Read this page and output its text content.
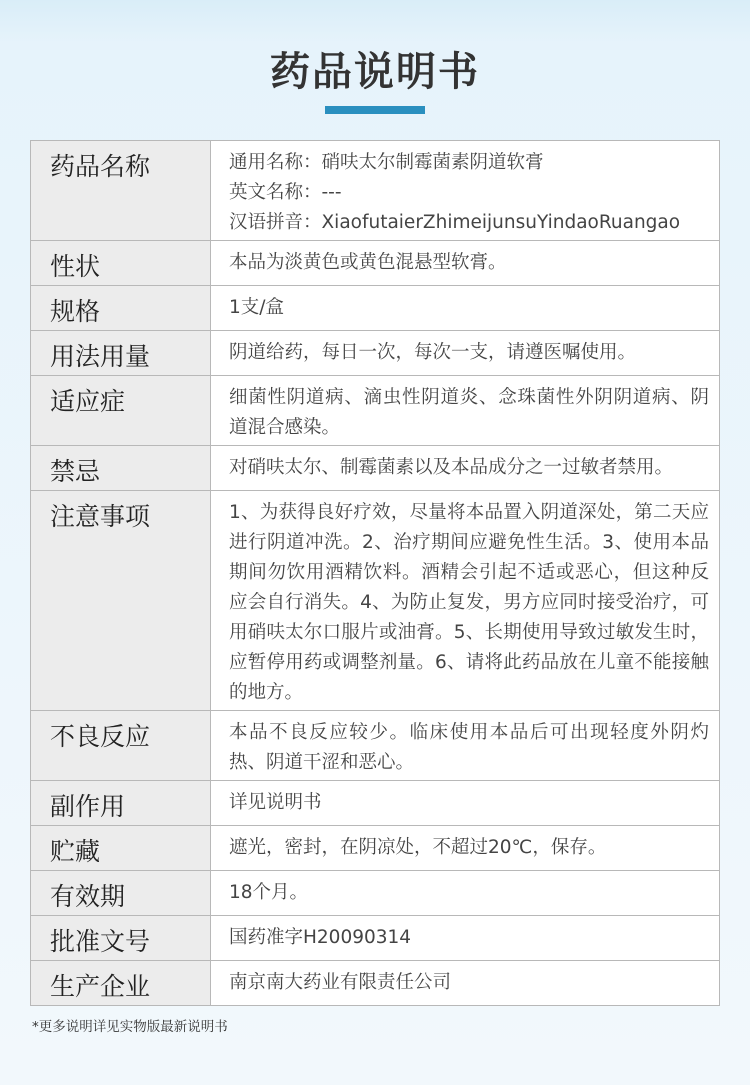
药品说明书
药品名称	通用名称：硝呋太尔制霉菌素阴道软膏
英文名称：---
汉语拼音：XiaofutaierZhimeijunsuYindaoRuangao
性状	本品为淡黄色或黄色混悬型软膏。
规格	1支/盒
用法用量	阴道给药，每日一次，每次一支，请遵医嘱使用。
适应症	细菌性阴道病、滴虫性阴道炎、念珠菌性外阴阴道病、阴道混合感染。
禁忌	对硝呋太尔、制霉菌素以及本品成分之一过敏者禁用。
注意事项	1、为获得良好疗效，尽量将本品置入阴道深处，第二天应进行阴道冲洗。2、治疗期间应避免性生活。3、使用本品期间勿饮用酒精饮料。酒精会引起不适或恶心，但这种反应会自行消失。4、为防止复发，男方应同时接受治疗，可用硝呋太尔口服片或油膏。5、长期使用导致过敏发生时，应暂停用药或调整剂量。6、请将此药品放在儿童不能接触的地方。
不良反应	本品不良反应较少。临床使用本品后可出现轻度外阴灼热、阴道干涩和恶心。
副作用	详见说明书
贮藏	遮光，密封，在阴凉处，不超过20℃，保存。
有效期	18个月。
批准文号	国药准字H20090314
生产企业	南京南大药业有限责任公司
*更多说明详见实物版最新说明书
